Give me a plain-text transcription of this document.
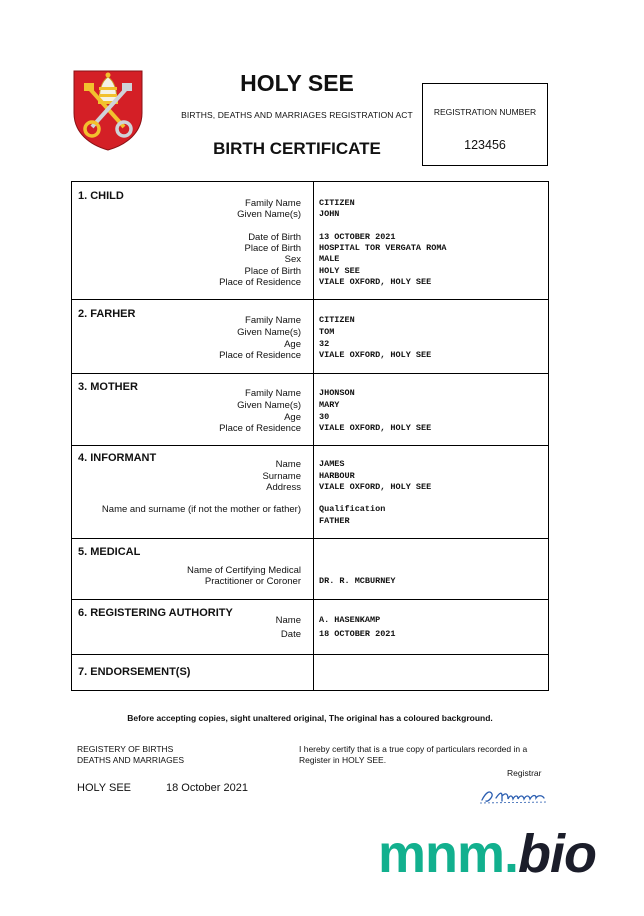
HOLY SEE
BIRTHS, DEATHS AND MARRIAGES REGISTRATION ACT
BIRTH CERTIFICATE
REGISTRATION NUMBER
123456
1. CHILD
Family Name	CITIZEN
Given Name(s)	JOHN
Date of Birth	13 OCTOBER 2021
Place of Birth	HOSPITAL TOR VERGATA ROMA
Sex	MALE
Place of Birth	HOLY SEE
Place of Residence	VIALE OXFORD, HOLY SEE
2. FARHER
Family Name	CITIZEN
Given Name(s)	TOM
Age	32
Place of Residence	VIALE OXFORD, HOLY SEE
3. MOTHER
Family Name	JHONSON
Given Name(s)	MARY
Age	30
Place of Residence	VIALE OXFORD, HOLY SEE
4. INFORMANT
Name	JAMES
Surname	HARBOUR
Address	VIALE OXFORD, HOLY SEE
Name and surname (if not the mother or father)	Qualification
FATHER
5. MEDICAL
Name of Certifying Medical
Practitioner or Coroner	DR. R. MCBURNEY
6. REGISTERING AUTHORITY
Name	A. HASENKAMP
Date	18 OCTOBER 2021
7. ENDORSEMENT(S)
Before accepting copies, sight unaltered original, The original has a coloured background.
REGISTERY OF BIRTHS
DEATHS AND MARRIAGES
I hereby certify that is a true copy of particulars recorded in a
Register in HOLY SEE.
Registrar
HOLY SEE	18 October 2021
mnm.bio
